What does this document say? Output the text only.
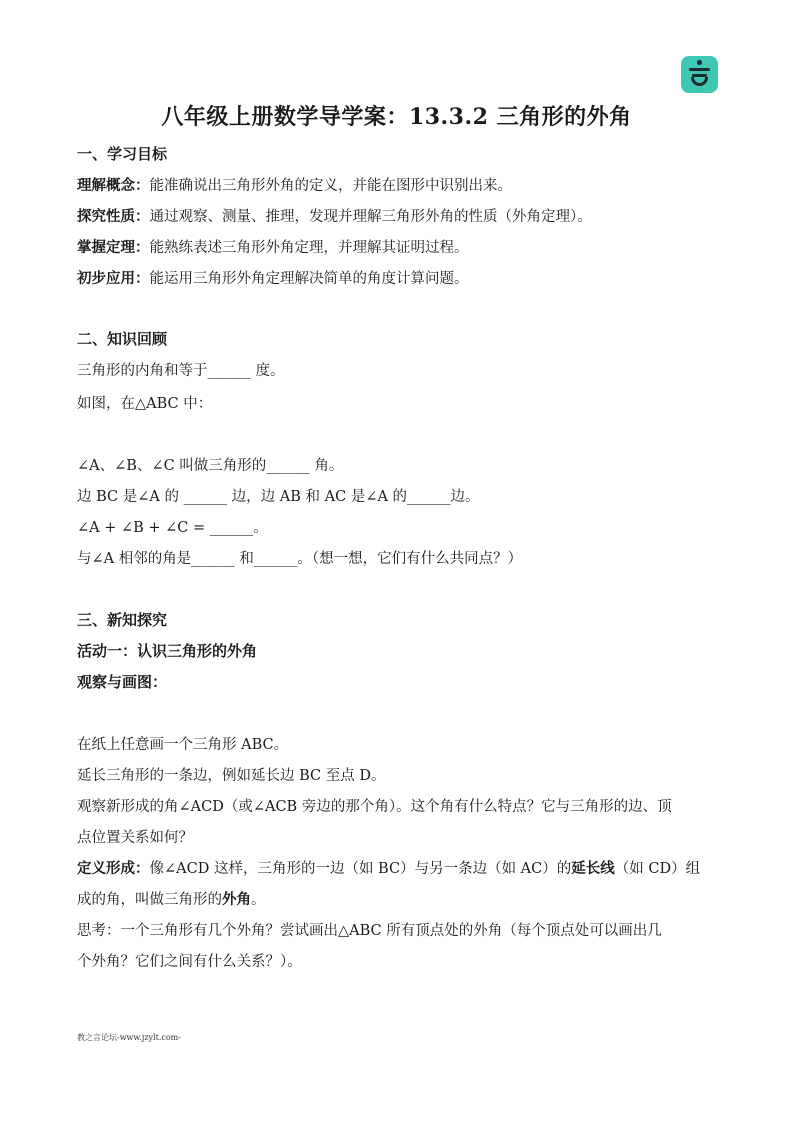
八年级上册数学导学案：13.3.2 三角形的外角
一、学习目标
理解概念：能准确说出三角形外角的定义，并能在图形中识别出来。
探究性质：通过观察、测量、推理，发现并理解三角形外角的性质（外角定理）。
掌握定理：能熟练表述三角形外角定理，并理解其证明过程。
初步应用：能运用三角形外角定理解决简单的角度计算问题。
二、知识回顾
三角形的内角和等于______ 度。
如图，在△ABC 中：
∠A、∠B、∠C 叫做三角形的______ 角。
边 BC 是∠A 的 ______ 边，边 AB 和 AC 是∠A 的______边。
∠A + ∠B + ∠C = ______。
与∠A 相邻的角是______ 和______。（想一想，它们有什么共同点？）
三、新知探究
活动一：认识三角形的外角
观察与画图：
在纸上任意画一个三角形 ABC。
延长三角形的一条边，例如延长边 BC 至点 D。
观察新形成的角∠ACD（或∠ACB 旁边的那个角）。这个角有什么特点？它与三角形的边、顶
点位置关系如何？
定义形成：像∠ACD 这样，三角形的一边（如 BC）与另一条边（如 AC）的延长线（如 CD）组
成的角，叫做三角形的外角。
思考：一个三角形有几个外角？尝试画出△ABC 所有顶点处的外角（每个顶点处可以画出几
个外角？它们之间有什么关系？）。
教之言论坛-www.jzylt.com-
